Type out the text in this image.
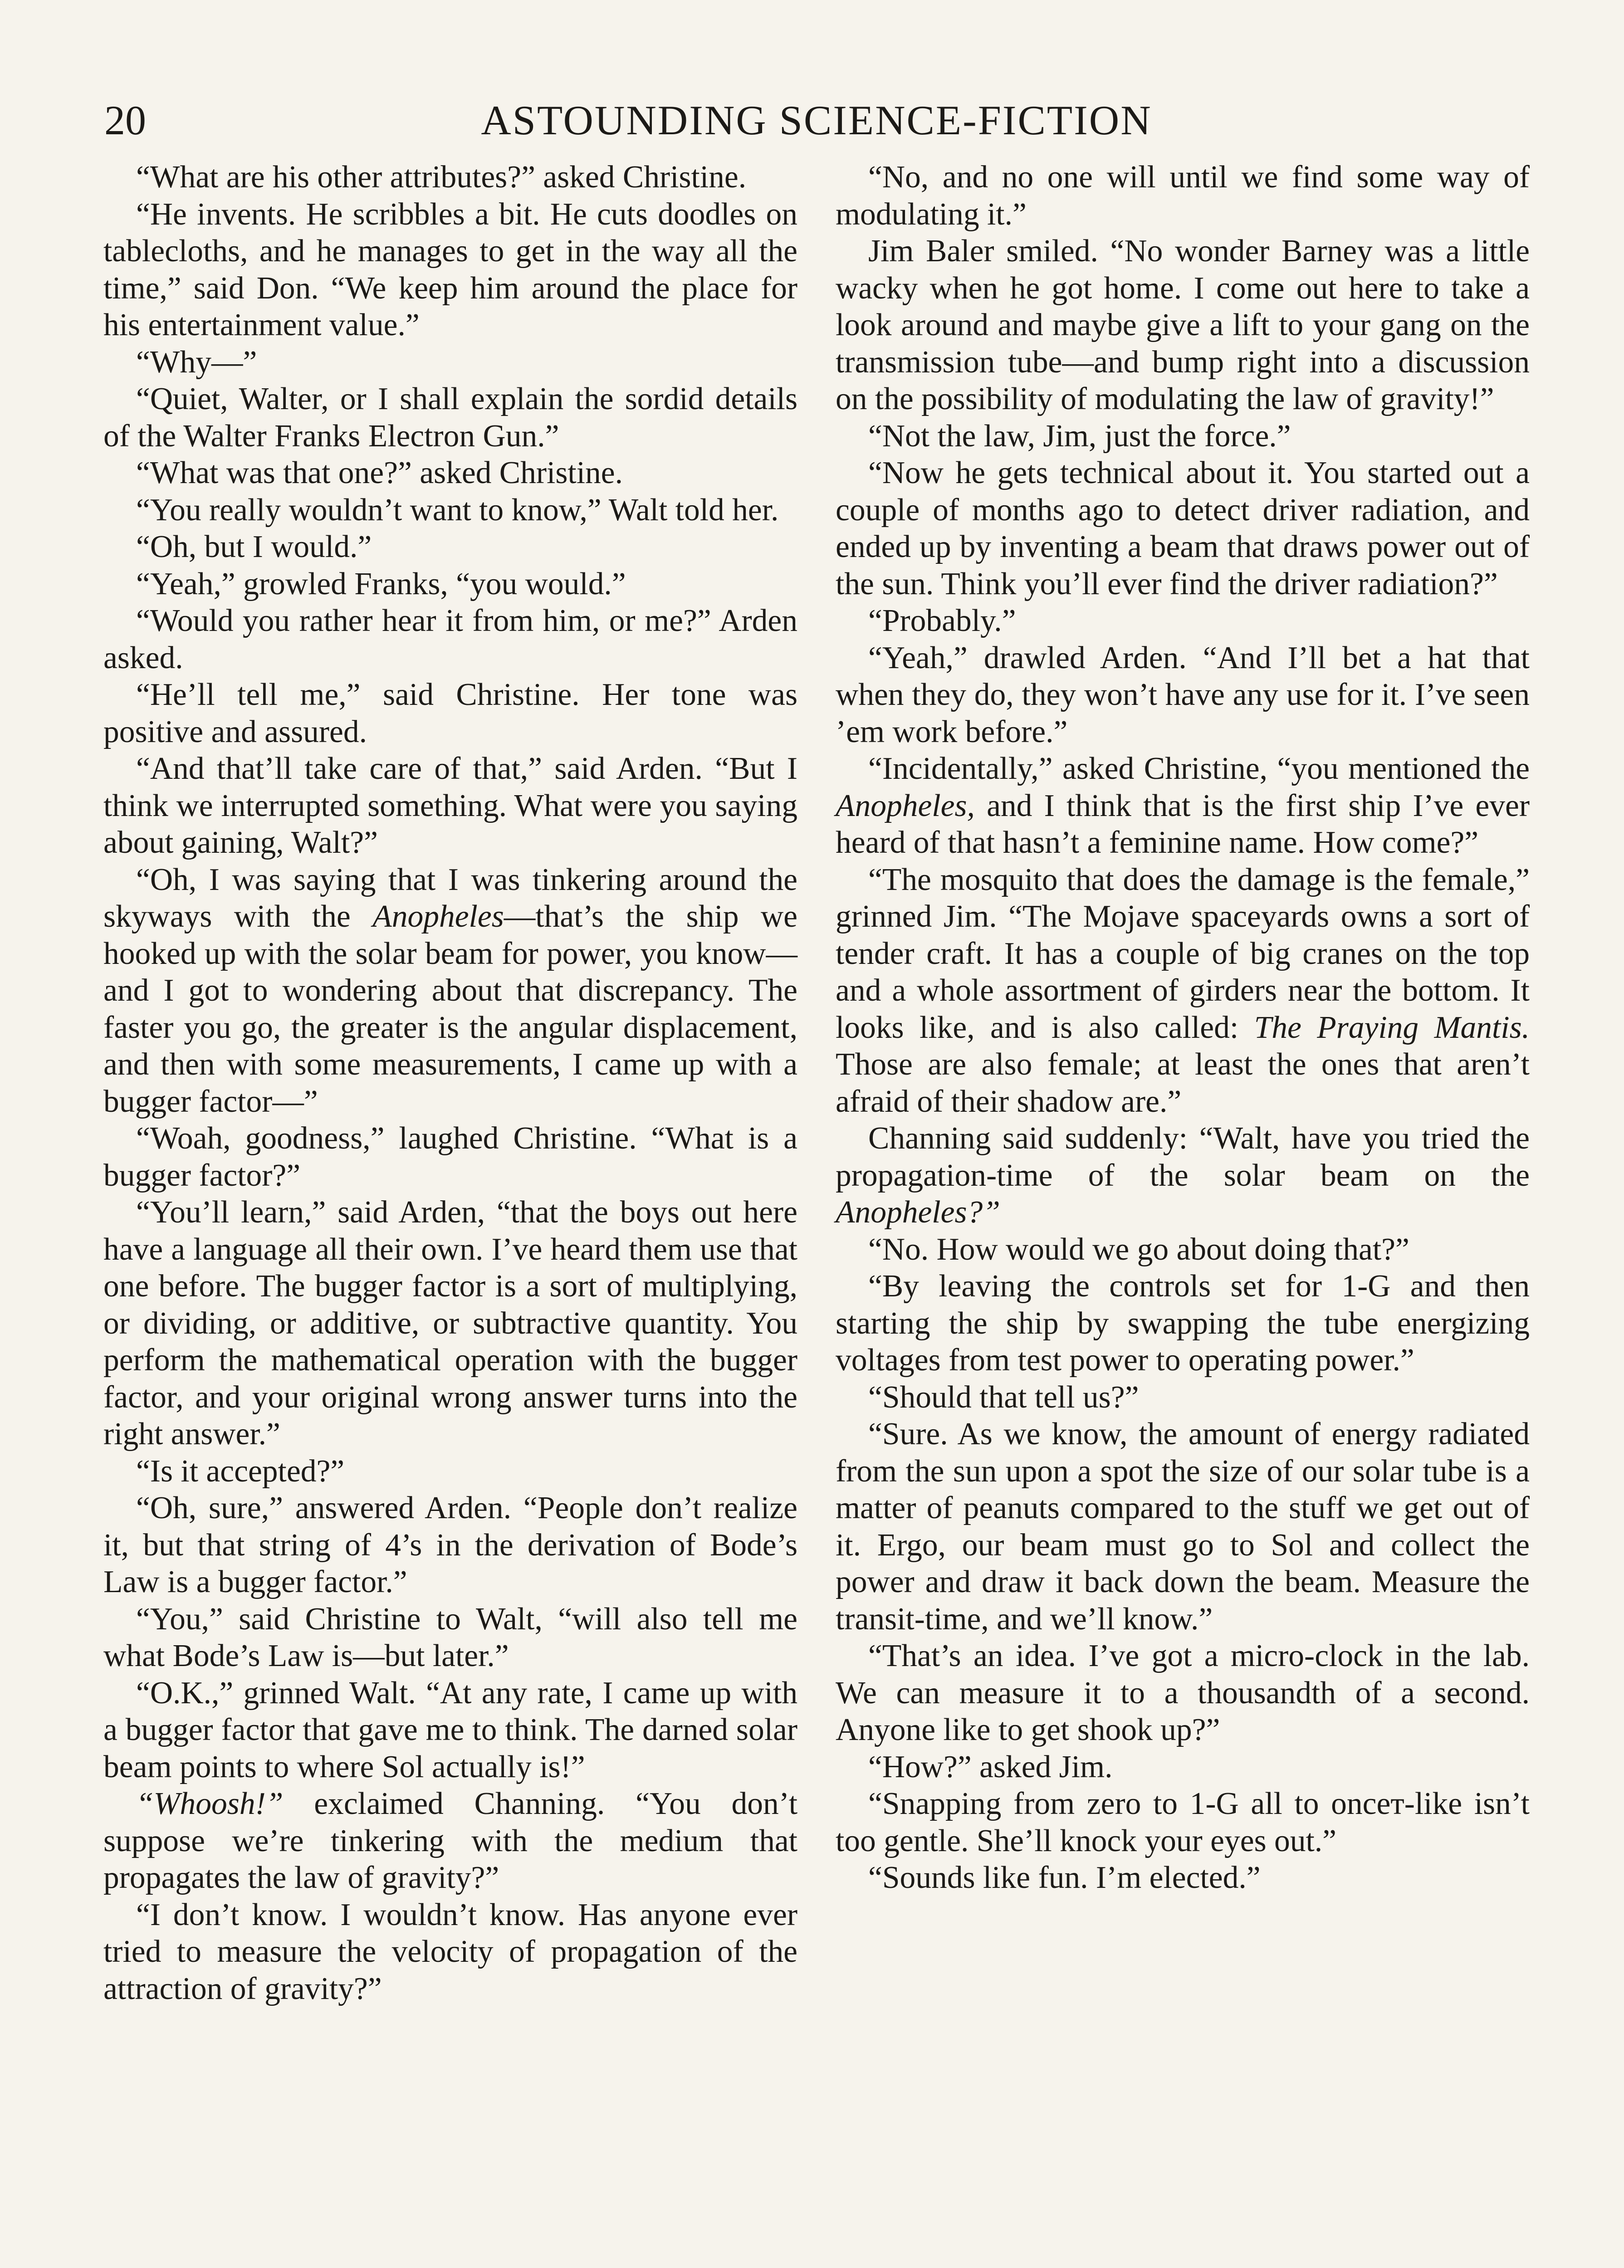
20	ASTOUNDING SCIENCE-FICTION

“What are his other attributes?” asked Christine.

“He invents. He scribbles a bit. He cuts doodles on tablecloths, and he manages to get in the way all the time,” said Don. “We keep him around the place for his entertainment value.”

“Why—”

“Quiet, Walter, or I shall explain the sordid details of the Walter Franks Electron Gun.”

“What was that one?” asked Christine.

“You really wouldn’t want to know,” Walt told her.

“Oh, but I would.”

“Yeah,” growled Franks, “you would.”

“Would you rather hear it from him, or me?” Arden asked.

“He’ll tell me,” said Christine. Her tone was positive and assured.

“And that’ll take care of that,” said Arden. “But I think we interrupted something. What were you saying about gaining, Walt?”

“Oh, I was saying that I was tinkering around the skyways with the Anopheles—that’s the ship we hooked up with the solar beam for power, you know—and I got to wondering about that discrepancy. The faster you go, the greater is the angular displacement, and then with some measurements, I came up with a bugger factor—”

“Woah, goodness,” laughed Christine. “What is a bugger factor?”

“You’ll learn,” said Arden, “that the boys out here have a language all their own. I’ve heard them use that one before. The bugger factor is a sort of multiplying, or dividing, or additive, or subtractive quantity. You perform the mathematical operation with the bugger factor, and your original wrong answer turns into the right answer.”

“Is it accepted?”

“Oh, sure,” answered Arden. “People don’t realize it, but that string of 4’s in the derivation of Bode’s Law is a bugger factor.”

“You,” said Christine to Walt, “will also tell me what Bode’s Law is—but later.”

“O.K.,” grinned Walt. “At any rate, I came up with a bugger factor that gave me to think. The darned solar beam points to where Sol actually is!”

“Whoosh!” exclaimed Channing. “You don’t suppose we’re tinkering with the medium that propagates the law of gravity?”

“I don’t know. I wouldn’t know. Has anyone ever tried to measure the velocity of propagation of the attraction of gravity?”

“No, and no one will until we find some way of modulating it.”

Jim Baler smiled. “No wonder Barney was a little wacky when he got home. I come out here to take a look around and maybe give a lift to your gang on the transmission tube—and bump right into a discussion on the possibility of modulating the law of gravity!”

“Not the law, Jim, just the force.”

“Now he gets technical about it. You started out a couple of months ago to detect driver radiation, and ended up by inventing a beam that draws power out of the sun. Think you’ll ever find the driver radiation?”

“Probably.”

“Yeah,” drawled Arden. “And I’ll bet a hat that when they do, they won’t have any use for it. I’ve seen ’em work before.”

“Incidentally,” asked Christine, “you mentioned the Anopheles, and I think that is the first ship I’ve ever heard of that hasn’t a feminine name. How come?”

“The mosquito that does the damage is the female,” grinned Jim. “The Mojave spaceyards owns a sort of tender craft. It has a couple of big cranes on the top and a whole assortment of girders near the bottom. It looks like, and is also called: The Praying Mantis. Those are also female; at least the ones that aren’t afraid of their shadow are.”

Channing said suddenly: “Walt, have you tried the propagation-time of the solar beam on the Anopheles?”

“No. How would we go about doing that?”

“By leaving the controls set for 1-G and then starting the ship by swapping the tube energizing voltages from test power to operating power.”

“Should that tell us?”

“Sure. As we know, the amount of energy radiated from the sun upon a spot the size of our solar tube is a matter of peanuts compared to the stuff we get out of it. Ergo, our beam must go to Sol and collect the power and draw it back down the beam. Measure the transit-time, and we’ll know.”

“That’s an idea. I’ve got a micro-clock in the lab. We can measure it to a thousandth of a second. Anyone like to get shook up?”

“How?” asked Jim.

“Snapping from zero to 1-G all to onceт-like isn’t too gentle. She’ll knock your eyes out.”

“Sounds like fun. I’m elected.”
